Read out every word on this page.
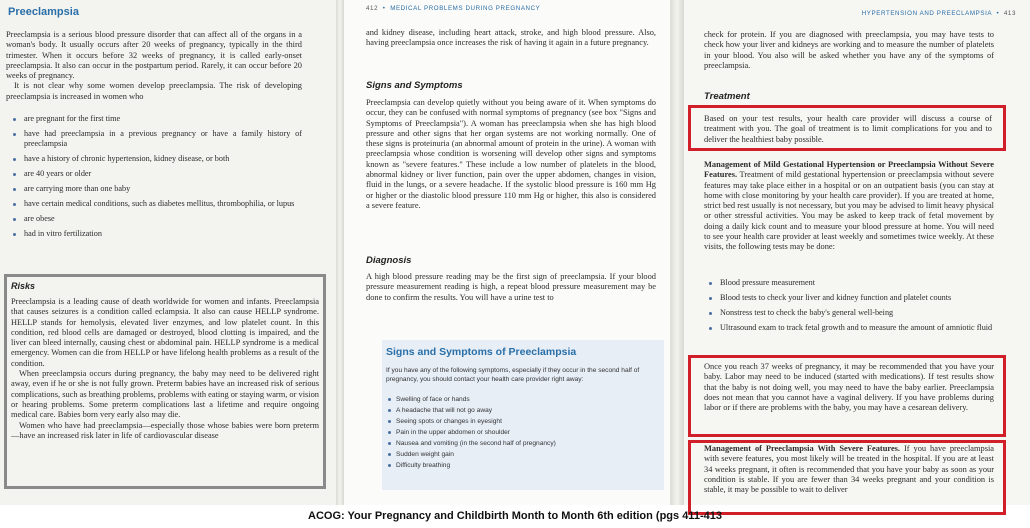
Preeclampsia

Preeclampsia is a serious blood pressure disorder that can affect all of the organs in a woman's body. It usually occurs after 20 weeks of pregnancy, typically in the third trimester. When it occurs before 32 weeks of pregnancy, it is called early-onset preeclampsia. It also can occur in the postpartum period. Rarely, it can occur before 20 weeks of pregnancy.

It is not clear why some women develop preeclampsia. The risk of developing preeclampsia is increased in women who

are pregnant for the first time
have had preeclampsia in a previous pregnancy or have a family history of preeclampsia
have a history of chronic hypertension, kidney disease, or both
are 40 years or older
are carrying more than one baby
have certain medical conditions, such as diabetes mellitus, thrombophilia, or lupus
are obese
had in vitro fertilization
Risks

Preeclampsia is a leading cause of death worldwide for women and infants. Preeclampsia that causes seizures is a condition called eclampsia. It also can cause HELLP syndrome. HELLP stands for hemolysis, elevated liver enzymes, and low platelet count. In this condition, red blood cells are damaged or destroyed, blood clotting is impaired, and the liver can bleed internally, causing chest or abdominal pain. HELLP syndrome is a medical emergency. Women can die from HELLP or have lifelong health problems as a result of the condition.

When preeclampsia occurs during pregnancy, the baby may need to be delivered right away, even if he or she is not fully grown. Preterm babies have an increased risk of serious complications, such as breathing problems, problems with eating or staying warm, or vision or hearing problems. Some preterm complications last a lifetime and require ongoing medical care. Babies born very early also may die.

Women who have had preeclampsia—especially those whose babies were born preterm—have an increased risk later in life of cardiovascular disease

412  •  MEDICAL PROBLEMS DURING PREGNANCY

and kidney disease, including heart attack, stroke, and high blood pressure. Also, having preeclampsia once increases the risk of having it again in a future pregnancy.

Signs and Symptoms

Preeclampsia can develop quietly without you being aware of it. When symptoms do occur, they can be confused with normal symptoms of pregnancy (see box "Signs and Symptoms of Preeclampsia"). A woman has preeclampsia when she has high blood pressure and other signs that her organ systems are not working normally. One of these signs is proteinuria (an abnormal amount of protein in the urine). A woman with preeclampsia whose condition is worsening will develop other signs and symptoms known as "severe features." These include a low number of platelets in the blood, abnormal kidney or liver function, pain over the upper abdomen, changes in vision, fluid in the lungs, or a severe headache. If the systolic blood pressure is 160 mm Hg or higher or the diastolic blood pressure 110 mm Hg or higher, this also is considered a severe feature.

Diagnosis

A high blood pressure reading may be the first sign of preeclampsia. If your blood pressure measurement reading is high, a repeat blood pressure measurement may be done to confirm the results. You will have a urine test to

Signs and Symptoms of Preeclampsia
If you have any of the following symptoms, especially if they occur in the second half of pregnancy, you should contact your health care provider right away:
Swelling of face or hands
A headache that will not go away
Seeing spots or changes in eyesight
Pain in the upper abdomen or shoulder
Nausea and vomiting (in the second half of pregnancy)
Sudden weight gain
Difficulty breathing
HYPERTENSION AND PREECLAMPSIA  •  413

check for protein. If you are diagnosed with preeclampsia, you may have tests to check how your liver and kidneys are working and to measure the number of platelets in your blood. You also will be asked whether you have any of the symptoms of preeclampsia.

Treatment

Based on your test results, your health care provider will discuss a course of treatment with you. The goal of treatment is to limit complications for you and to deliver the healthiest baby possible.

Management of Mild Gestational Hypertension or Preeclampsia Without Severe Features. Treatment of mild gestational hypertension or preeclampsia without severe features may take place either in a hospital or on an outpatient basis (you can stay at home with close monitoring by your health care provider). If you are treated at home, strict bed rest usually is not necessary, but you may be advised to limit heavy physical or other stressful activities. You may be asked to keep track of fetal movement by doing a daily kick count and to measure your blood pressure at home. You will need to see your health care provider at least weekly and sometimes twice weekly. At these visits, the following tests may be done:

Blood pressure measurement
Blood tests to check your liver and kidney function and platelet counts
Nonstress test to check the baby's general well-being
Ultrasound exam to track fetal growth and to measure the amount of amniotic fluid

Once you reach 37 weeks of pregnancy, it may be recommended that you have your baby. Labor may need to be induced (started with medications). If test results show that the baby is not doing well, you may need to have the baby earlier. Preeclampsia does not mean that you cannot have a vaginal delivery. If you have problems during labor or if there are problems with the baby, you may have a cesarean delivery.

Management of Preeclampsia With Severe Features. If you have preeclampsia with severe features, you most likely will be treated in the hospital. If you are at least 34 weeks pregnant, it often is recommended that you have your baby as soon as your condition is stable. If you are fewer than 34 weeks pregnant and your condition is stable, it may be possible to wait to deliver

ACOG: Your Pregnancy and Childbirth Month to Month 6th edition (pgs 411-413
